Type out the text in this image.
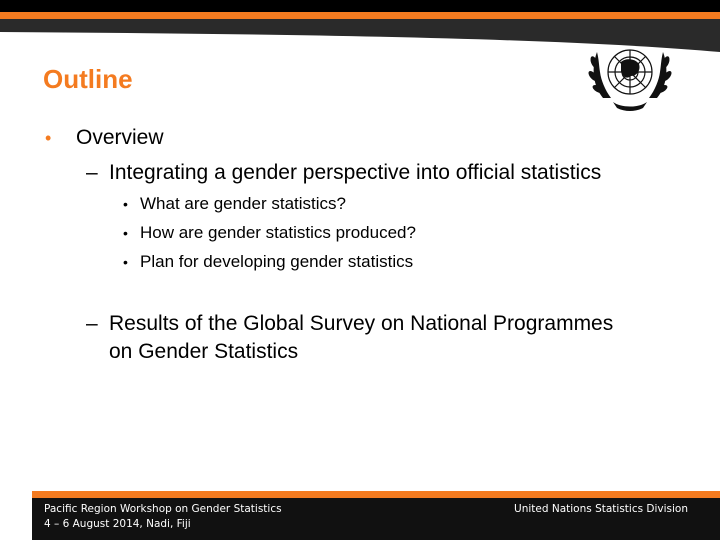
Outline
• Overview
– Integrating a gender perspective into official statistics
• What are gender statistics?
• How are gender statistics produced?
• Plan for developing gender statistics
– Results of the Global Survey on National Programmes
on Gender Statistics
Pacific Region Workshop on Gender Statistics
4 – 6 August 2014, Nadi, Fiji
United Nations Statistics Division
